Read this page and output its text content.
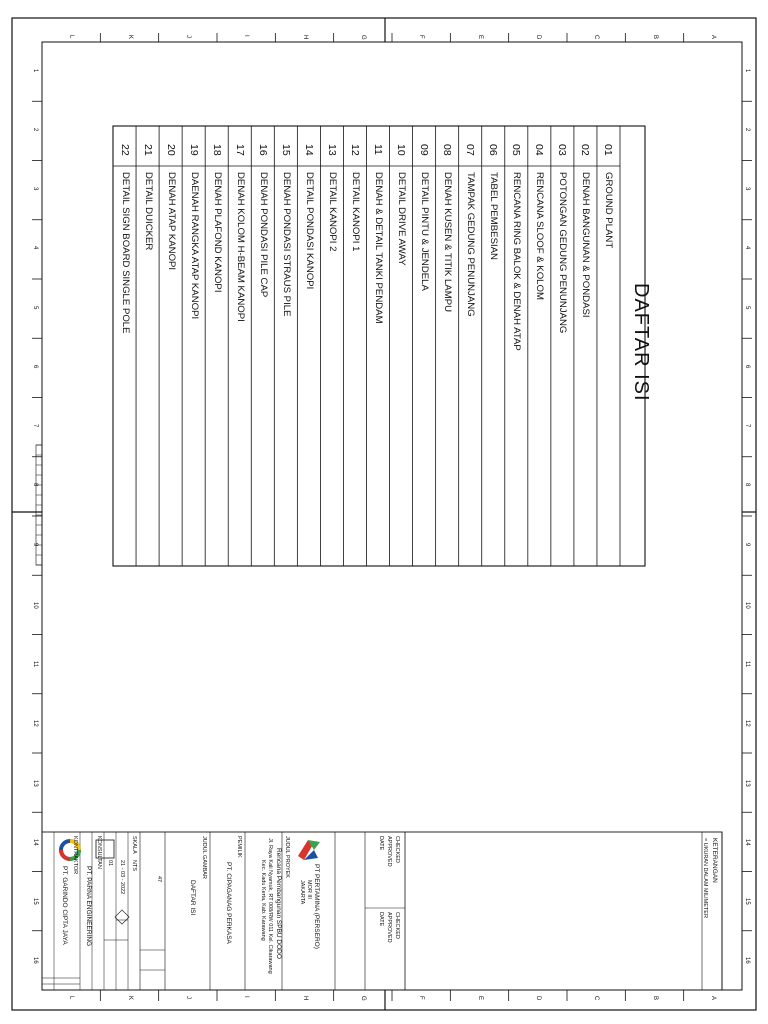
DAFTAR ISI
01
GROUND PLANT
02
DENAH BANGUNAN & PONDASI
03
POTONGAN GEDUNG PENUNJANG
04
RENCANA SLOOF & KOLOM
05
RENCANA RING BALOK & DENAH ATAP
06
TABEL PEMBESIAN
07
TAMPAK GEDUNG PENUNJANG
08
DENAH KUSEN & TITIK LAMPU
09
DETAIL PINTU & JENDELA
10
DETAIL DRIVE AWAY
11
DENAH & DETAIL TANKI PENDAM
12
DETAIL KANOPI 1
13
DETAIL KANOPI 2
14
DETAIL PONDASI KANOPI
15
DENAH PONDASI STRAUS PILE
16
DENAH PONDASI PILE CAP
17
DENAH KOLOM H-BEAM KANOPI
18
DENAH PLAFOND KANOPI
19
DAENAH RANGKA ATAP KANOPI
20
DENAH ATAP KANOPI
21
DETAIL DUICKER
22
DETAIL SIGN BOARD SINGLE POLE
A
A
B
B
C
C
D
D
E
E
F
F
G
G
H
H
I
I
J
J
K
K
L
L
1	1
2	2
3	3
4	4
5	5
6	6
7	7
8	8
9	9
10	10
11	11
12	12
13	13
14	14
15	15
16	16
KETERANGAN
= UKURAN DALAM MILIMETER
CHECKED
APPROVED
DATE
CHECKED
APPROVED
DATE
PT PERTAMINA (PERSERO)
MOR III
JAKARTA
JUDUL PROYEK
Rencana Pembangunan SPBU DODO
Jl. Raya Kali Nyamuk, RT 008/RW 011 Kel. Cikarawang
Kec. Kadu Kerta, Kab. Karawang
PEMILIK
PT. CIPAGANAG PERKASA
JUDUL GAMBAR
DAFTAR ISI
47
NTS
SKALA
21 - 03 - 2022
01
KONSULTAN
PT. PARNA ENGINEERING
KONTRAKTOR
PT. GARINDO CIPTA JAYA
